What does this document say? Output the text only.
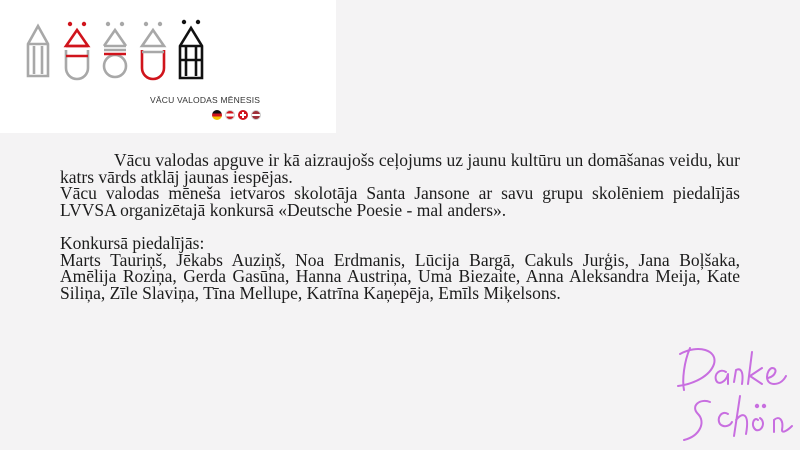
VĀCU VALODAS MĒNESIS

Vācu valodas apguve ir kā aizraujošs ceļojums uz jaunu kultūru un domāšanas veidu, kur katrs vārds atklāj jaunas iespējas.

Vācu valodas mēneša ietvaros skolotāja Santa Jansone ar savu grupu skolēniem piedalījās LVVSA organizētajā konkursā «Deutsche Poesie - mal anders».

Konkursā piedalījās:

Marts Tauriņš, Jēkabs Auziņš, Noa Erdmanis, Lūcija Bargā, Cakuls Jurģis, Jana Boļšaka, Amēlija Roziņa, Gerda Gasūna, Hanna Austriņa, Uma Biezaite, Anna Aleksandra Meija, Kate Siliņa, Zīle Slaviņa, Tīna Mellupe, Katrīna Kaņepēja, Emīls Miķelsons.
